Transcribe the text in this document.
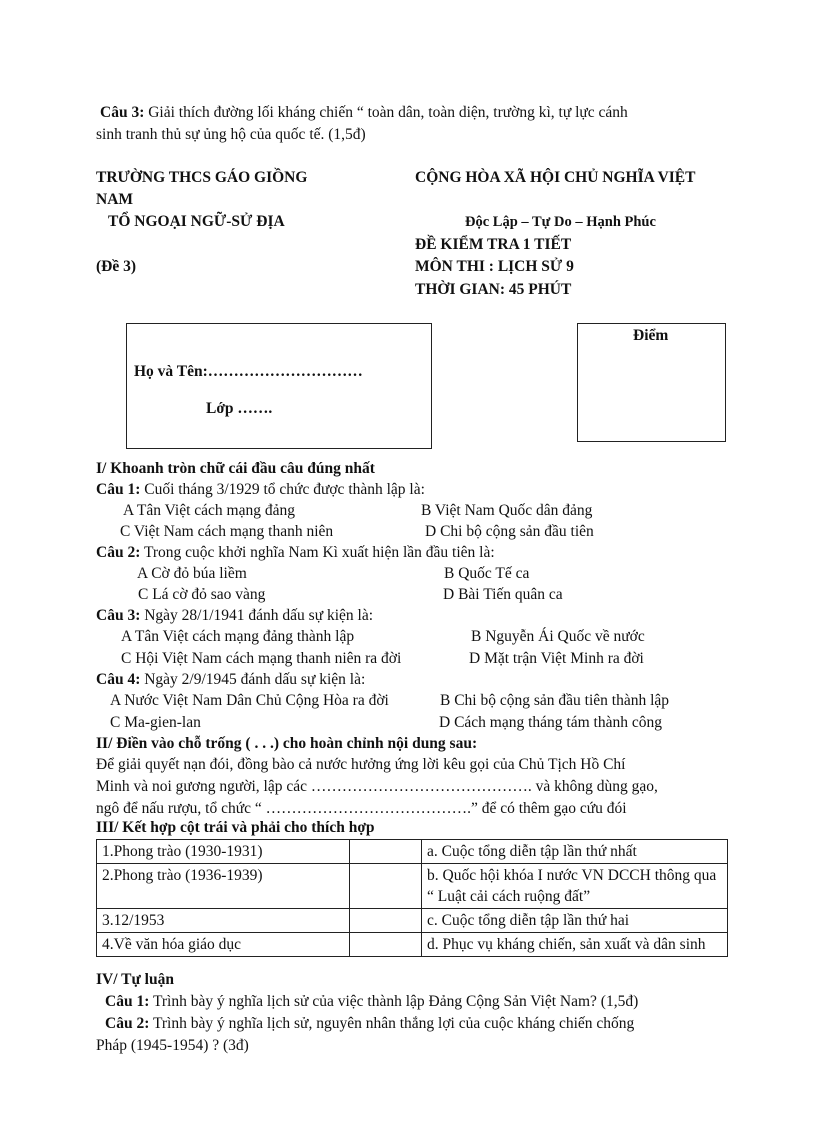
Câu 3: Giải thích đường lối kháng chiến “ toàn dân, toàn diện, trường kì, tự lực cánh
sinh tranh thủ sự ủng hộ của quốc tế. (1,5đ)
TRƯỜNG THCS GÁO GIỒNG
NAM
TỔ NGOẠI NGỮ-SỬ ĐỊA
(Đề 3)
CỘNG HÒA XÃ HỘI CHỦ NGHĨA VIỆT
Độc Lập – Tự Do – Hạnh Phúc
ĐỀ KIỂM TRA 1 TIẾT
MÔN THI : LỊCH SỬ 9
THỜI GIAN: 45 PHÚT
Họ và Tên:…………………………
Lớp …….
Điểm
I/ Khoanh tròn chữ cái đầu câu đúng nhất
Câu 1: Cuối tháng 3/1929 tổ chức được thành lập là:
A Tân Việt cách mạng đảng	B Việt Nam Quốc dân đảng
C Việt Nam cách mạng thanh niên	D Chi bộ cộng sản đầu tiên
Câu 2: Trong cuộc khởi nghĩa Nam Kì xuất hiện lần đầu tiên là:
A Cờ đỏ búa liềm	B Quốc Tế ca
C Lá cờ đỏ sao vàng	D Bài Tiến quân ca
Câu 3: Ngày 28/1/1941 đánh dấu sự kiện là:
A Tân Việt cách mạng đảng thành lập	B Nguyễn Ái Quốc về nước
C Hội Việt Nam cách mạng thanh niên ra đời	D Mặt trận Việt Minh ra đời
Câu 4: Ngày 2/9/1945 đánh dấu sự kiện là:
A Nước Việt Nam Dân Chủ Cộng Hòa ra đời	B Chi bộ cộng sản đầu tiên thành lập
C Ma-gien-lan	D Cách mạng tháng tám thành công
II/ Điền vào chỗ trống ( . . .) cho hoàn chỉnh nội dung sau:
Để giải quyết nạn đói, đồng bào cả nước hưởng ứng lời kêu gọi của Chủ Tịch Hồ Chí
Minh và noi gương người, lập các ……………………………………. và không dùng gạo,
ngô để nấu rượu, tổ chức “ ………………………………….” để có thêm gạo cứu đói
III/ Kết hợp cột trái và phải cho thích hợp
1.Phong trào (1930-1931)		a. Cuộc tổng diễn tập lần thứ nhất
2.Phong trào (1936-1939)		b. Quốc hội khóa I nước VN DCCH thông qua “ Luật cải cách ruộng đất”
3.12/1953		c. Cuộc tổng diễn tập lần thứ hai
4.Về văn hóa giáo dục		d. Phục vụ kháng chiến, sản xuất và dân sinh
IV/ Tự luận
Câu 1: Trình bày ý nghĩa lịch sử của việc thành lập Đảng Cộng Sản Việt Nam? (1,5đ)
Câu 2: Trình bày ý nghĩa lịch sử, nguyên nhân thắng lợi của cuộc kháng chiến chống
Pháp (1945-1954) ? (3đ)
